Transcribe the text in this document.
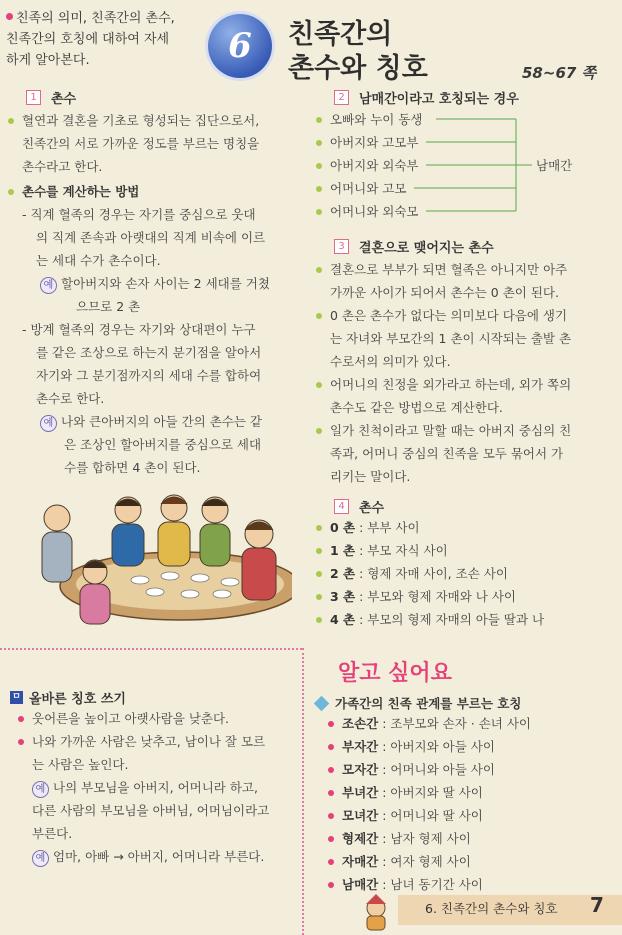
친족의 의미, 친족간의 촌수,
친족간의 호칭에 대하여 자세
하게 알아본다.	6 친족간의
촌수와 칭호	58~67 쪽
1	촌수
혈연과 결혼을 기초로 형성되는 집단으로서,
친족간의 서로 가까운 정도를 부르는 명칭을
촌수라고 한다.
촌수를 계산하는 방법
- 직계 혈족의 경우는 자기를 중심으로 웃대
의 직계 존속과 아랫대의 직계 비속에 이르
는 세대 수가 촌수이다.
예 할아버지와 손자 사이는 2 세대를 거쳤
으므로 2 촌
- 방계 혈족의 경우는 자기와 상대편이 누구
를 같은 조상으로 하는지 분기점을 알아서
자기와 그 분기점까지의 세대 수를 합하여
촌수로 한다.
예 나와 큰아버지의 아들 간의 촌수는 같
은 조상인 할아버지를 중심으로 세대
수를 합하면 4 촌이 된다.
2	남매간이라고 호칭되는 경우
오빠와 누이 동생
아버지와 고모부
아버지와 외숙부
어머니와 고모
어머니와 외숙모
남매간
3	결혼으로 맺어지는 촌수
결혼으로 부부가 되면 혈족은 아니지만 아주
가까운 사이가 되어서 촌수는 0 촌이 된다.
0 촌은 촌수가 없다는 의미보다 다음에 생기
는 자녀와 부모간의 1 촌이 시작되는 출발 촌
수로서의 의미가 있다.
어머니의 친정을 외가라고 하는데, 외가 쪽의
촌수도 같은 방법으로 계산한다.
일가 친척이라고 말할 때는 아버지 중심의 친
족과, 어머니 중심의 친족을 모두 묶어서 가
리키는 말이다.
4	촌수
0 촌 : 부부 사이
1 촌 : 부모 자식 사이
2 촌 : 형제 자매 사이, 조손 사이
3 촌 : 부모와 형제 자매와 나 사이
4 촌 : 부모의 형제 자매의 아들 딸과 나
ㅁ 올바른 칭호 쓰기
웃어른을 높이고 아랫사람을 낮춘다.
나와 가까운 사람은 낮추고, 남이나 잘 모르
는 사람은 높인다.
예 나의 부모님을 아버지, 어머니라 하고,
다른 사람의 부모님을 아버님, 어머님이라고
부른다.
예 엄마, 아빠 → 아버지, 어머니라 부른다.
알고 싶어요
가족간의 친족 관계를 부르는 호칭
조손간 : 조부모와 손자 · 손녀 사이
부자간 : 아버지와 아들 사이
모자간 : 어머니와 아들 사이
부녀간 : 아버지와 딸 사이
모녀간 : 어머니와 딸 사이
형제간 : 남자 형제 사이
자매간 : 여자 형제 사이
남매간 : 남녀 동기간 사이
6. 친족간의 촌수와 칭호 7
